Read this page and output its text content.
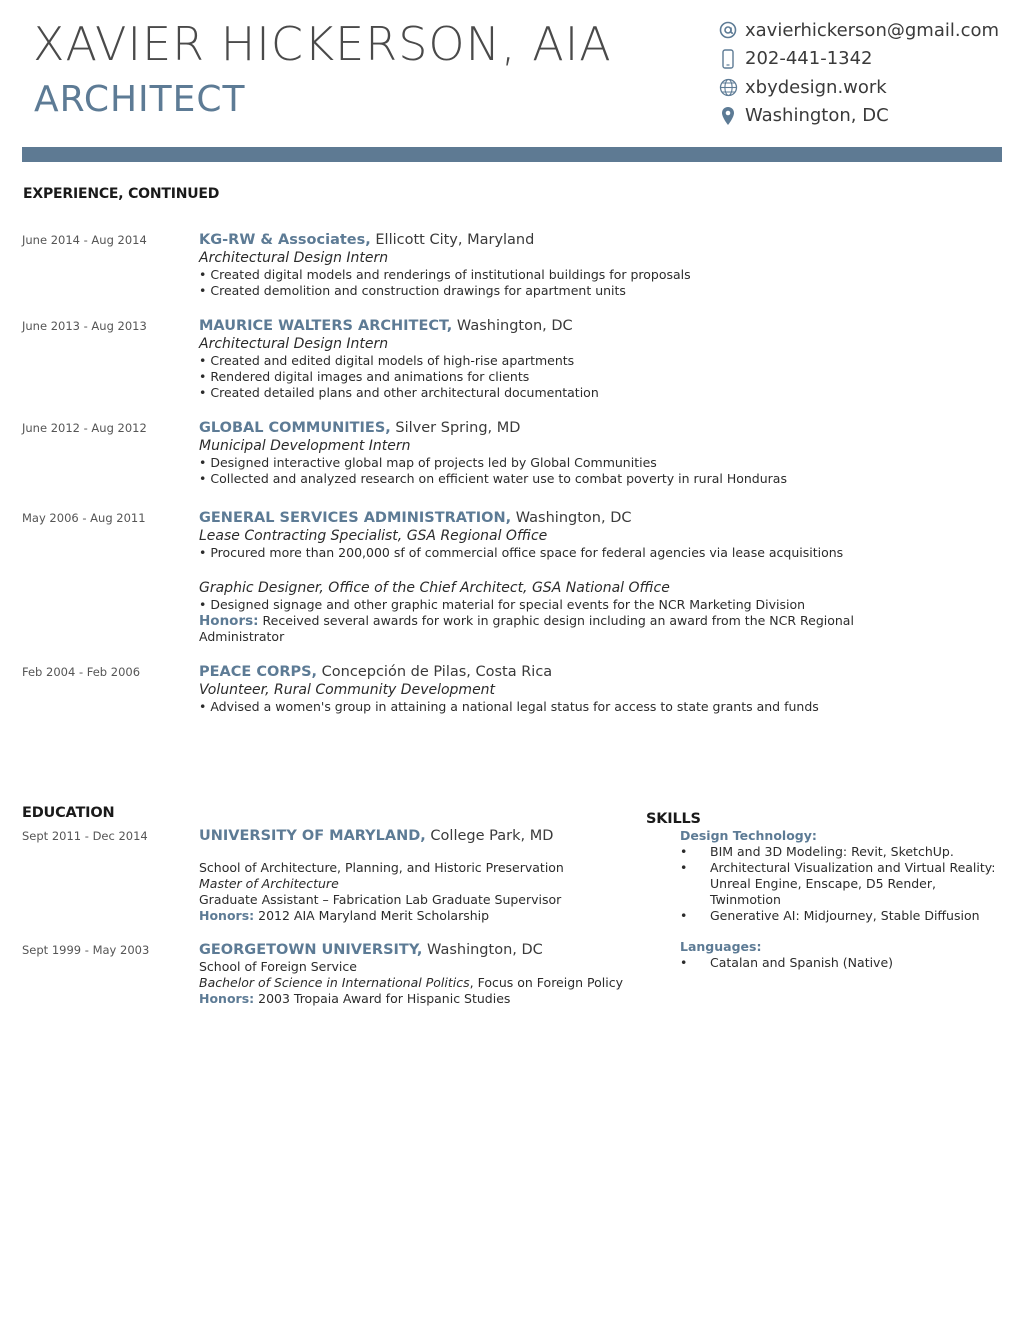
XAVIER HICKERSON, AIA
ARCHITECT
xavierhickerson@gmail.com
202-441-1342
xbydesign.work
Washington, DC
EXPERIENCE, CONTINUED
June 2014 - Aug 2014	KG-RW & Associates, Ellicott City, Maryland
Architectural Design Intern
• Created digital models and renderings of institutional buildings for proposals
• Created demolition and construction drawings for apartment units
June 2013 - Aug 2013	MAURICE WALTERS ARCHITECT, Washington, DC
Architectural Design Intern
• Created and edited digital models of high-rise apartments
• Rendered digital images and animations for clients
• Created detailed plans and other architectural documentation
June 2012 - Aug 2012	GLOBAL COMMUNITIES, Silver Spring, MD
Municipal Development Intern
• Designed interactive global map of projects led by Global Communities
• Collected and analyzed research on efficient water use to combat poverty in rural Honduras
May 2006 - Aug 2011	GENERAL SERVICES ADMINISTRATION, Washington, DC
Lease Contracting Specialist, GSA Regional Office
• Procured more than 200,000 sf of commercial office space for federal agencies via lease acquisitions
Graphic Designer, Office of the Chief Architect, GSA National Office
• Designed signage and other graphic material for special events for the NCR Marketing Division
Honors: Received several awards for work in graphic design including an award from the NCR Regional Administrator
Feb 2004 - Feb 2006	PEACE CORPS, Concepción de Pilas, Costa Rica
Volunteer, Rural Community Development
• Advised a women's group in attaining a national legal status for access to state grants and funds
EDUCATION
Sept 2011 - Dec 2014	UNIVERSITY OF MARYLAND, College Park, MD
School of Architecture, Planning, and Historic Preservation
Master of Architecture
Graduate Assistant – Fabrication Lab Graduate Supervisor
Honors: 2012 AIA Maryland Merit Scholarship
Sept 1999 - May 2003	GEORGETOWN UNIVERSITY, Washington, DC
School of Foreign Service
Bachelor of Science in International Politics, Focus on Foreign Policy
Honors: 2003 Tropaia Award for Hispanic Studies
SKILLS
Design Technology:
• BIM and 3D Modeling: Revit, SketchUp.
• Architectural Visualization and Virtual Reality: Unreal Engine, Enscape, D5 Render, Twinmotion
• Generative AI: Midjourney, Stable Diffusion
Languages:
• Catalan and Spanish (Native)
